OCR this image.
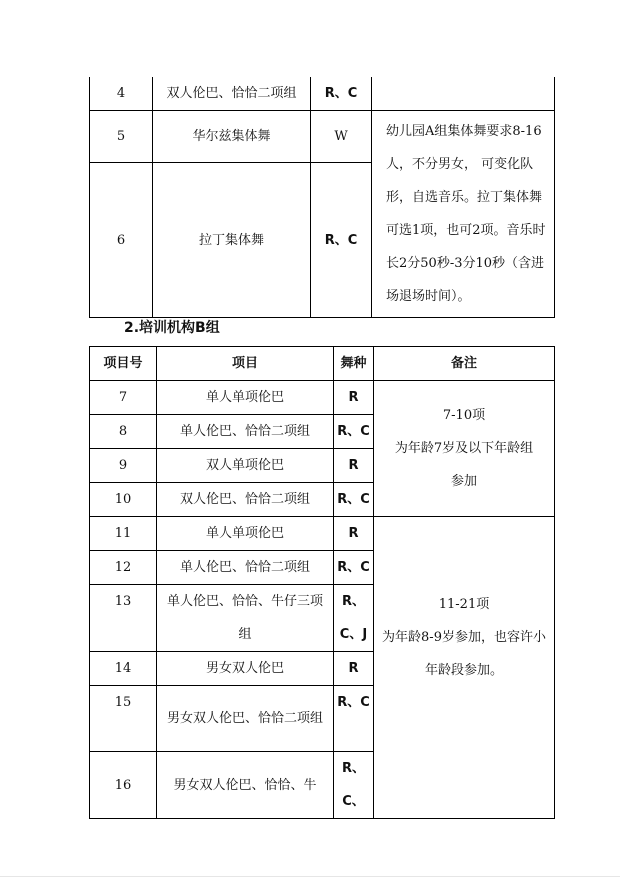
4	双人伦巴、恰恰二项组	R、C	
5	华尔兹集体舞	W	幼儿园A组集体舞要求8-16人，不分男女， 可变化队形，自选音乐。拉丁集体舞可选1项，也可2项。音乐时长2分50秒-3分10秒（含进场退场时间）。
6	拉丁集体舞	R、C	
2.培训机构B组
项目号	项目	舞种	备注
7	单人单项伦巴	R	7-10项
为年龄7岁及以下年龄组参加

8	单人伦巴、恰恰二项组	R、C	
9	双人单项伦巴	R	
10	双人伦巴、恰恰二项组	R、C	
11	单人单项伦巴	R	11-21项
为年龄8-9岁参加，也容许小年龄段参加。

12	单人伦巴、恰恰二项组	R、C	
13	单人伦巴、恰恰、牛仔三项组	R、C、J	
14	男女双人伦巴	R	
15	男女双人伦巴、恰恰二项组	R、C	
16	男女双人伦巴、恰恰、牛	R、C、	
